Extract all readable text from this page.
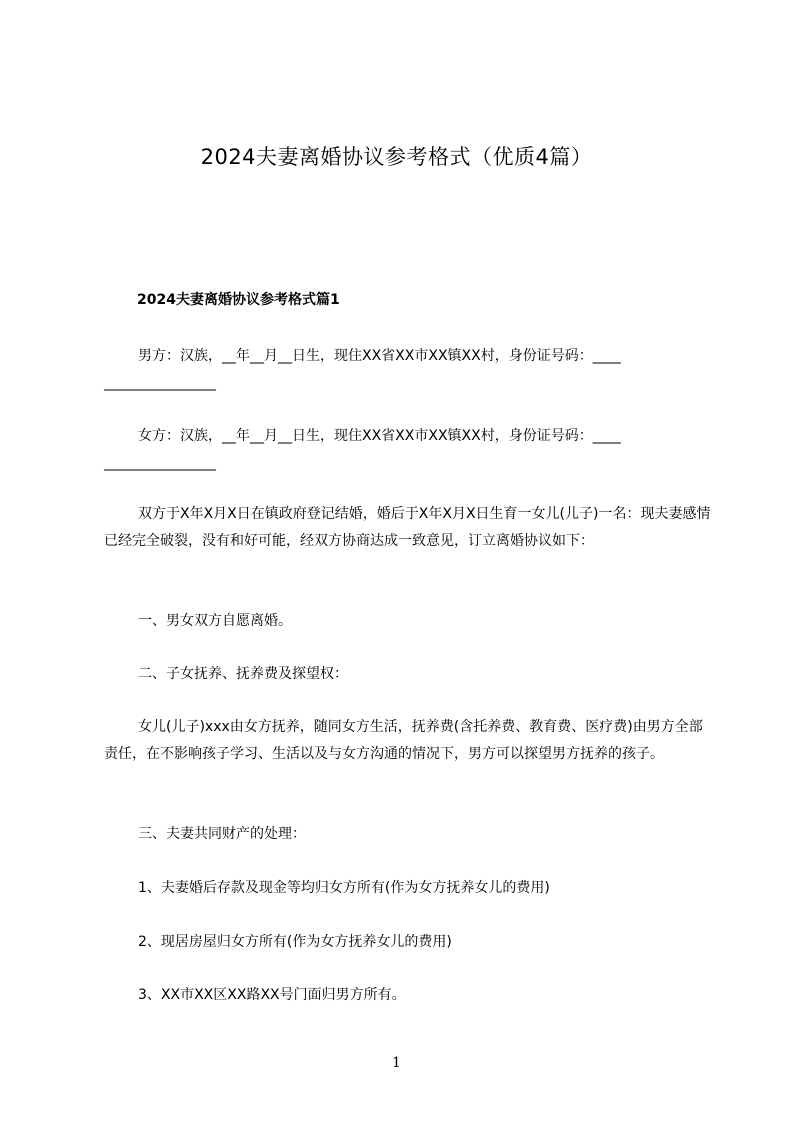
2024夫妻离婚协议参考格式（优质4篇）
2024夫妻离婚协议参考格式篇1
男方：汉族，__年__月__日生，现住XX省XX市XX镇XX村，身份证号码：____
________________
女方：汉族，__年__月__日生，现住XX省XX市XX镇XX村，身份证号码：____
________________
双方于X年X月X日在镇政府登记结婚，婚后于X年X月X日生育一女儿(儿子)一名：现夫妻感情已经完全破裂，没有和好可能，经双方协商达成一致意见，订立离婚协议如下：
一、男女双方自愿离婚。
二、子女抚养、抚养费及探望权：
女儿(儿子)xxx由女方抚养，随同女方生活，抚养费(含托养费、教育费、医疗费)由男方全部责任，在不影响孩子学习、生活以及与女方沟通的情况下，男方可以探望男方抚养的孩子。
三、夫妻共同财产的处理：
1、夫妻婚后存款及现金等均归女方所有(作为女方抚养女儿的费用)
2、现居房屋归女方所有(作为女方抚养女儿的费用)
3、XX市XX区XX路XX号门面归男方所有。
1
